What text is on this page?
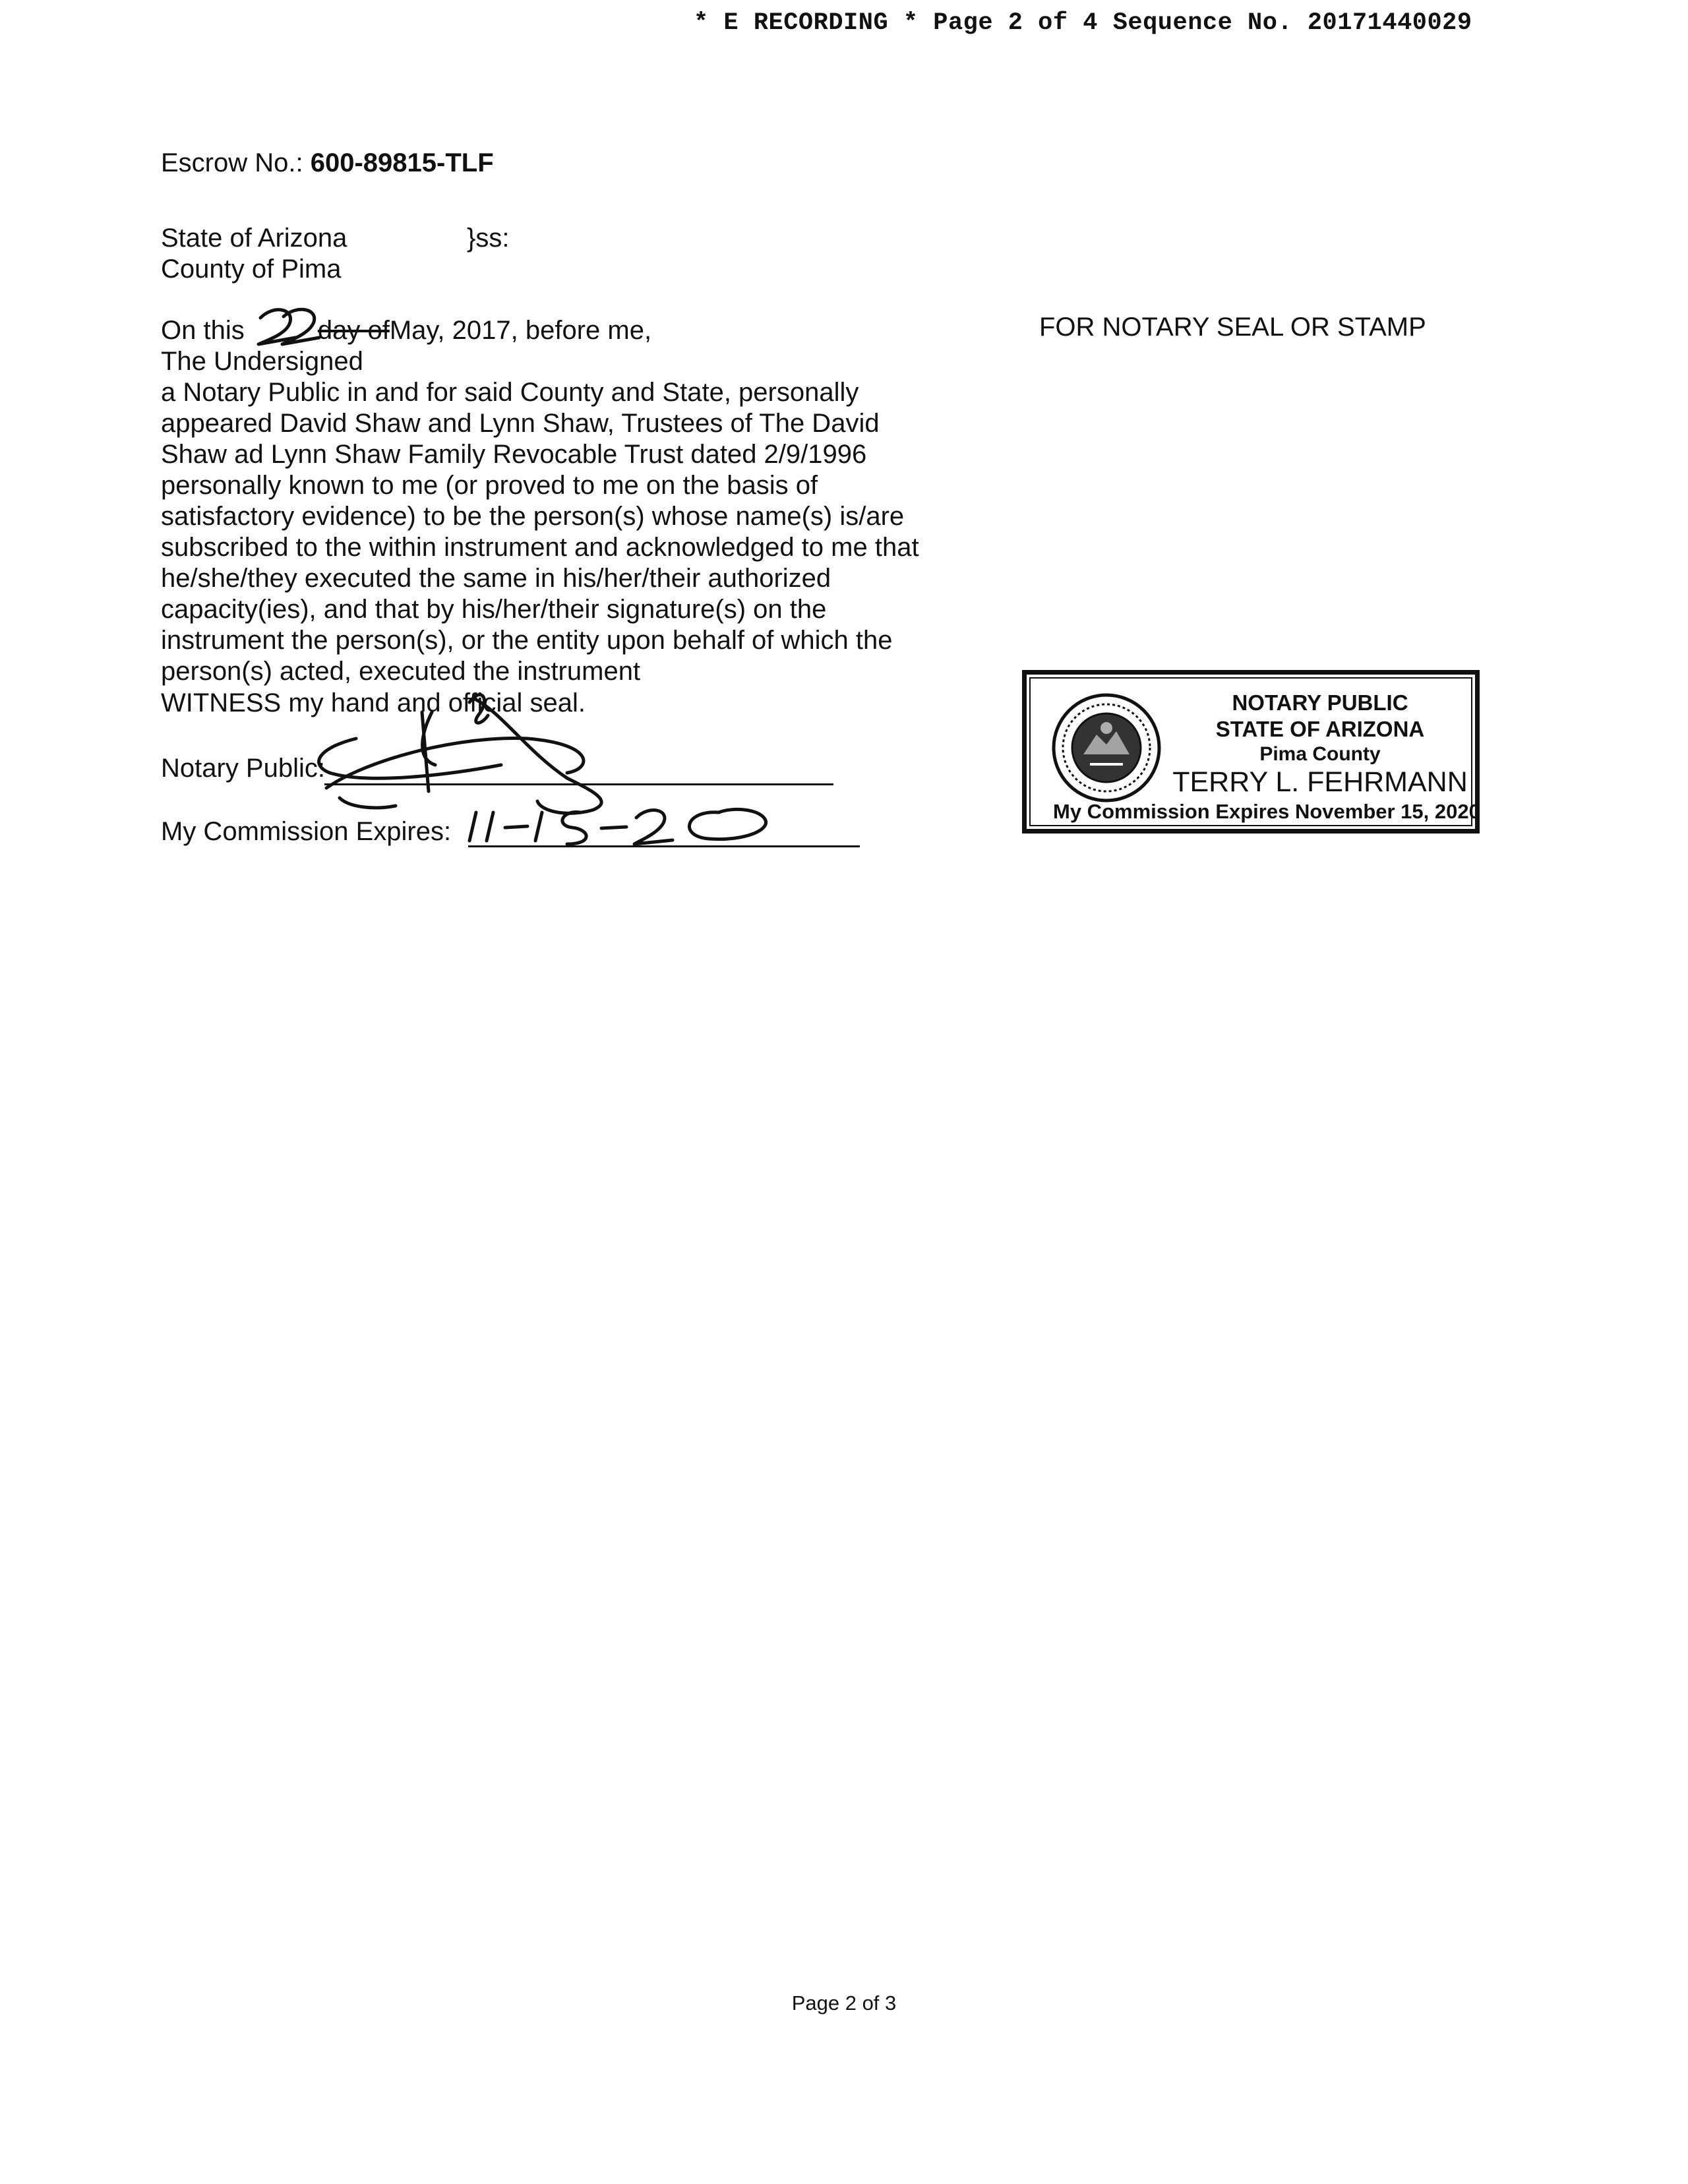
* E RECORDING * Page 2 of 4 Sequence No. 20171440029
Escrow No.: 600-89815-TLF
State of Arizona	}ss:
County of Pima
On this	day ofMay, 2017, before me,
The Undersigned
a Notary Public in and for said County and State, personally
appeared David Shaw and Lynn Shaw, Trustees of The David
Shaw ad Lynn Shaw Family Revocable Trust dated 2/9/1996
personally known to me (or proved to me on the basis of
satisfactory evidence) to be the person(s) whose name(s) is/are
subscribed to the within instrument and acknowledged to me that
he/she/they executed the same in his/her/their authorized
capacity(ies), and that by his/her/their signature(s) on the
instrument the person(s), or the entity upon behalf of which the
person(s) acted, executed the instrument
WITNESS my hand and official seal.
Notary Public:
My Commission Expires:
FOR NOTARY SEAL OR STAMP
NOTARY PUBLIC
STATE OF ARIZONA
Pima County
TERRY L. FEHRMANN
My Commission Expires November 15, 2020
Page 2 of 3
